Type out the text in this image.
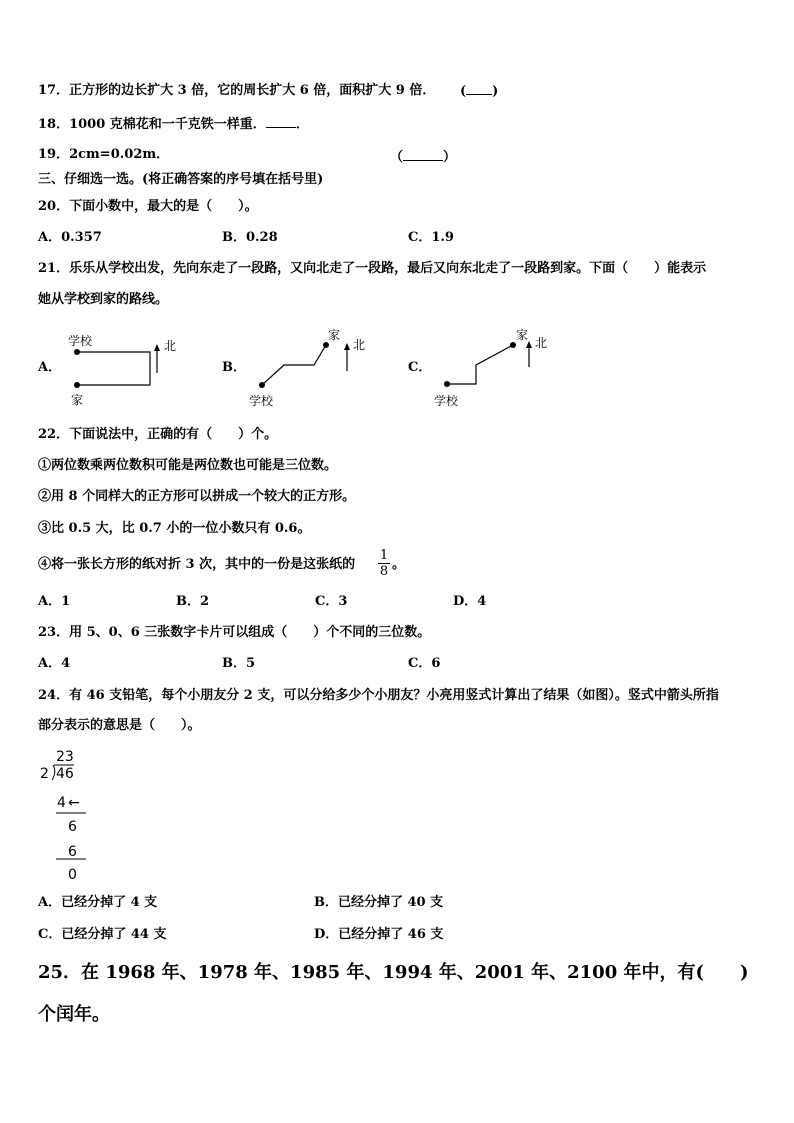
17．正方形的边长扩大 3 倍，它的周长扩大 6 倍，面积扩大 9 倍． ( )
18．1000 克棉花和一千克铁一样重． ．
19．2cm=0.02m．	（	）
三、仔细选一选。(将正确答案的序号填在括号里)
20．下面小数中，最大的是（　　）。
A．0.357	B．0.28	C．1.9
21．乐乐从学校出发，先向东走了一段路，又向北走了一段路，最后又向东北走了一段路到家。下面（　　）能表示
她从学校到家的路线。
A．	B．	C．
学校
家
北
家
学校
北
家
学校
北
22．下面说法中，正确的有（　　）个。
①两位数乘两位数积可能是两位数也可能是三位数。
②用 8 个同样大的正方形可以拼成一个较大的正方形。
③比 0.5 大，比 0.7 小的一位小数只有 0.6。
④将一张长方形的纸对折 3 次，其中的一份是这张纸的 $\frac{1}{8}$ 。
A．1	B．2	C．3	D．4
23．用 5、0、6 三张数字卡片可以组成（　　）个不同的三位数。
A．4	B．5	C．6
24．有 46 支铅笔，每个小朋友分 2 支，可以分给多少个小朋友？小亮用竖式计算出了结果（如图）。竖式中箭头所指
部分表示的意思是（　　）。
23
2 46
4 ←
6
6
0
A．已经分掉了 4 支	B．已经分掉了 40 支
C．已经分掉了 44 支	D．已经分掉了 46 支
25．在 1968 年、1978 年、1985 年、1994 年、2001 年、2100 年中，有(　　)
个闰年。
